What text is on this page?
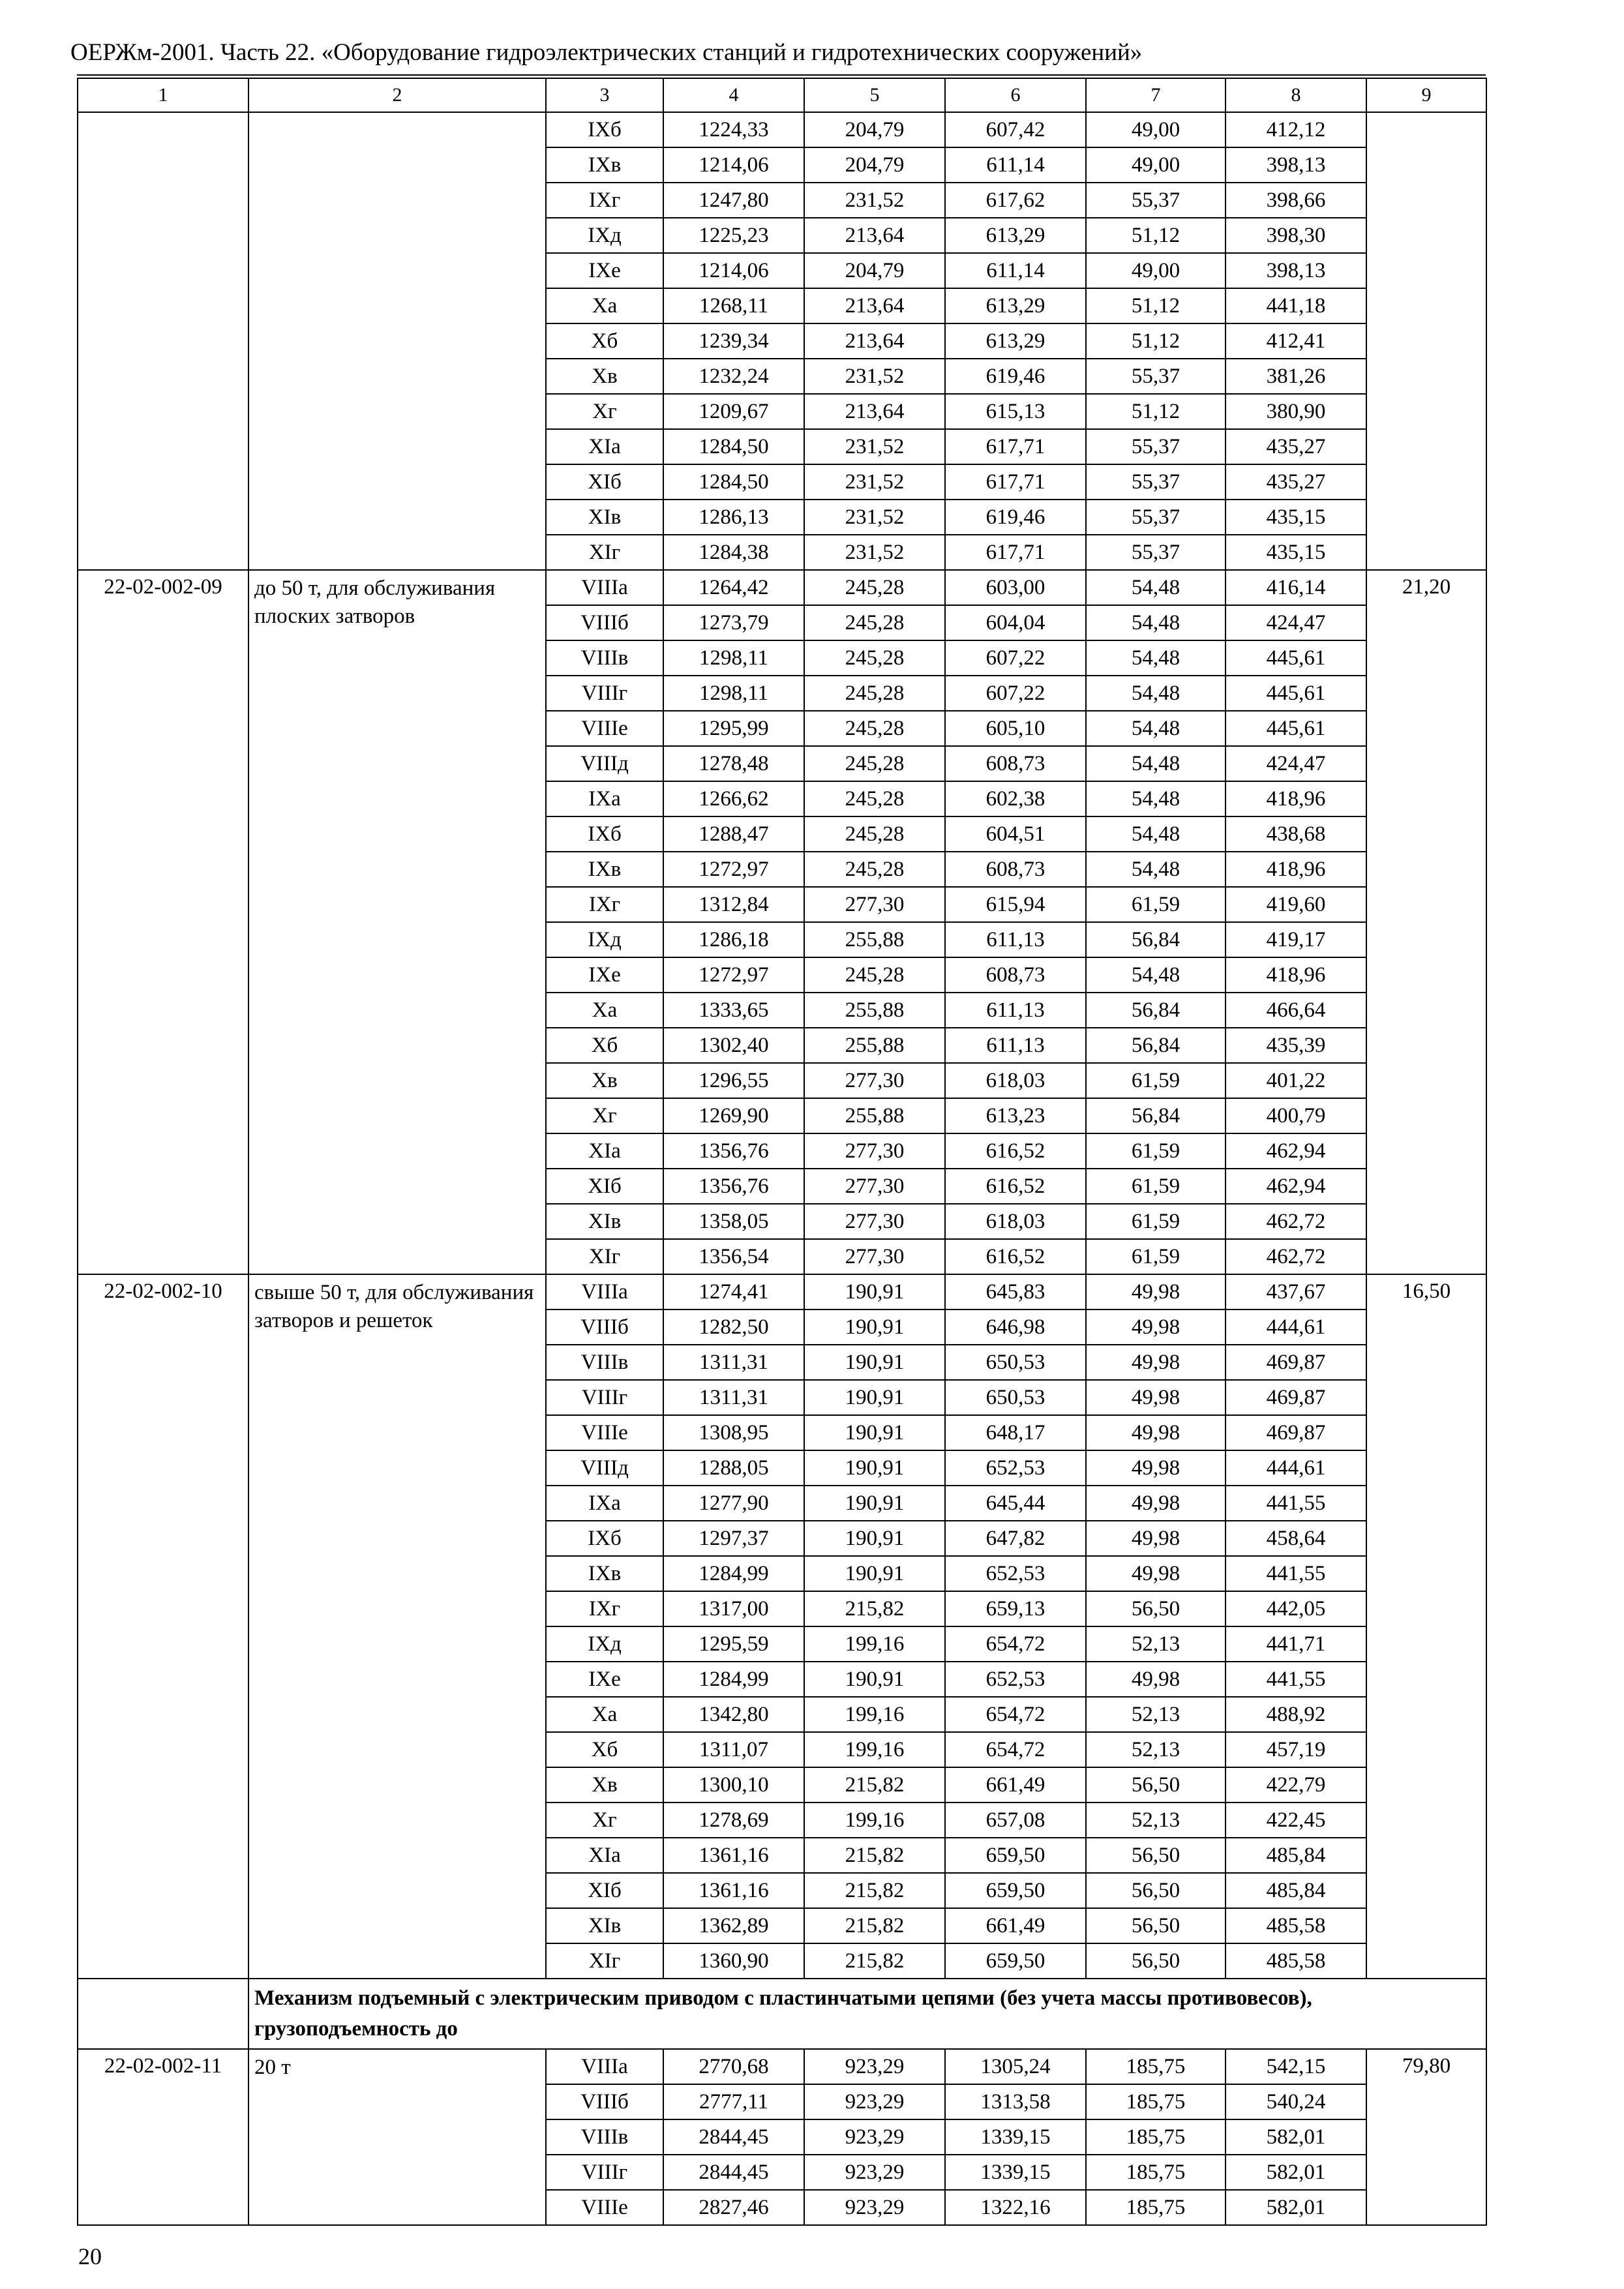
ОЕРЖм-2001. Часть 22. «Оборудование гидроэлектрических станций и гидротехнических сооружений»
1	2	3	4	5	6	7	8	9
		IXб	1224,33	204,79	607,42	49,00	412,12	
		IXв	1214,06	204,79	611,14	49,00	398,13	
		IXг	1247,80	231,52	617,62	55,37	398,66	
		IXд	1225,23	213,64	613,29	51,12	398,30	
		IXе	1214,06	204,79	611,14	49,00	398,13	
		Xа	1268,11	213,64	613,29	51,12	441,18	
		Xб	1239,34	213,64	613,29	51,12	412,41	
		Xв	1232,24	231,52	619,46	55,37	381,26	
		Xг	1209,67	213,64	615,13	51,12	380,90	
		XIа	1284,50	231,52	617,71	55,37	435,27	
		XIб	1284,50	231,52	617,71	55,37	435,27	
		XIв	1286,13	231,52	619,46	55,37	435,15	
		XIг	1284,38	231,52	617,71	55,37	435,15	
22-02-002-09	до 50 т, для обслуживания плоских затворов	VIIIа	1264,42	245,28	603,00	54,48	416,14	21,20
		VIIIб	1273,79	245,28	604,04	54,48	424,47	
		VIIIв	1298,11	245,28	607,22	54,48	445,61	
		VIIIг	1298,11	245,28	607,22	54,48	445,61	
		VIIIе	1295,99	245,28	605,10	54,48	445,61	
		VIIIд	1278,48	245,28	608,73	54,48	424,47	
		IXа	1266,62	245,28	602,38	54,48	418,96	
		IXб	1288,47	245,28	604,51	54,48	438,68	
		IXв	1272,97	245,28	608,73	54,48	418,96	
		IXг	1312,84	277,30	615,94	61,59	419,60	
		IXд	1286,18	255,88	611,13	56,84	419,17	
		IXе	1272,97	245,28	608,73	54,48	418,96	
		Xа	1333,65	255,88	611,13	56,84	466,64	
		Xб	1302,40	255,88	611,13	56,84	435,39	
		Xв	1296,55	277,30	618,03	61,59	401,22	
		Xг	1269,90	255,88	613,23	56,84	400,79	
		XIа	1356,76	277,30	616,52	61,59	462,94	
		XIб	1356,76	277,30	616,52	61,59	462,94	
		XIв	1358,05	277,30	618,03	61,59	462,72	
		XIг	1356,54	277,30	616,52	61,59	462,72	
22-02-002-10	свыше 50 т, для обслуживания затворов и решеток	VIIIа	1274,41	190,91	645,83	49,98	437,67	16,50
		VIIIб	1282,50	190,91	646,98	49,98	444,61	
		VIIIв	1311,31	190,91	650,53	49,98	469,87	
		VIIIг	1311,31	190,91	650,53	49,98	469,87	
		VIIIе	1308,95	190,91	648,17	49,98	469,87	
		VIIIд	1288,05	190,91	652,53	49,98	444,61	
		IXа	1277,90	190,91	645,44	49,98	441,55	
		IXб	1297,37	190,91	647,82	49,98	458,64	
		IXв	1284,99	190,91	652,53	49,98	441,55	
		IXг	1317,00	215,82	659,13	56,50	442,05	
		IXд	1295,59	199,16	654,72	52,13	441,71	
		IXе	1284,99	190,91	652,53	49,98	441,55	
		Xа	1342,80	199,16	654,72	52,13	488,92	
		Xб	1311,07	199,16	654,72	52,13	457,19	
		Xв	1300,10	215,82	661,49	56,50	422,79	
		Xг	1278,69	199,16	657,08	52,13	422,45	
		XIа	1361,16	215,82	659,50	56,50	485,84	
		XIб	1361,16	215,82	659,50	56,50	485,84	
		XIв	1362,89	215,82	661,49	56,50	485,58	
		XIг	1360,90	215,82	659,50	56,50	485,58	
	Механизм подъемный с электрическим приводом с пластинчатыми цепями (без учета массы противовесов), грузоподъемность до							
22-02-002-11	20 т	VIIIа	2770,68	923,29	1305,24	185,75	542,15	79,80
		VIIIб	2777,11	923,29	1313,58	185,75	540,24	
		VIIIв	2844,45	923,29	1339,15	185,75	582,01	
		VIIIг	2844,45	923,29	1339,15	185,75	582,01	
		VIIIе	2827,46	923,29	1322,16	185,75	582,01	
20
